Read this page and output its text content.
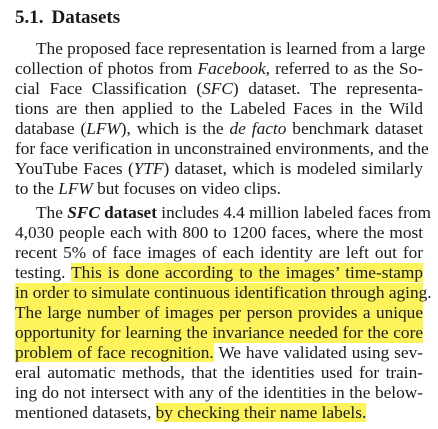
5.1. Datasets
The proposed face representation is learned from a large
collection of photos from Facebook, referred to as the So-
cial Face Classification (SFC) dataset. The representa-
tions are then applied to the Labeled Faces in the Wild
database (LFW), which is the de facto benchmark dataset
for face verification in unconstrained environments, and the
YouTube Faces (YTF) dataset, which is modeled similarly
to the LFW but focuses on video clips.
The SFC dataset includes 4.4 million labeled faces from
4,030 people each with 800 to 1200 faces, where the most
recent 5% of face images of each identity are left out for
testing. This is done according to the images’ time-stamp
in order to simulate continuous identification through aging.
The large number of images per person provides a unique
opportunity for learning the invariance needed for the core
problem of face recognition. We have validated using sev-
eral automatic methods, that the identities used for train-
ing do not intersect with any of the identities in the below-
mentioned datasets, by checking their name labels.
